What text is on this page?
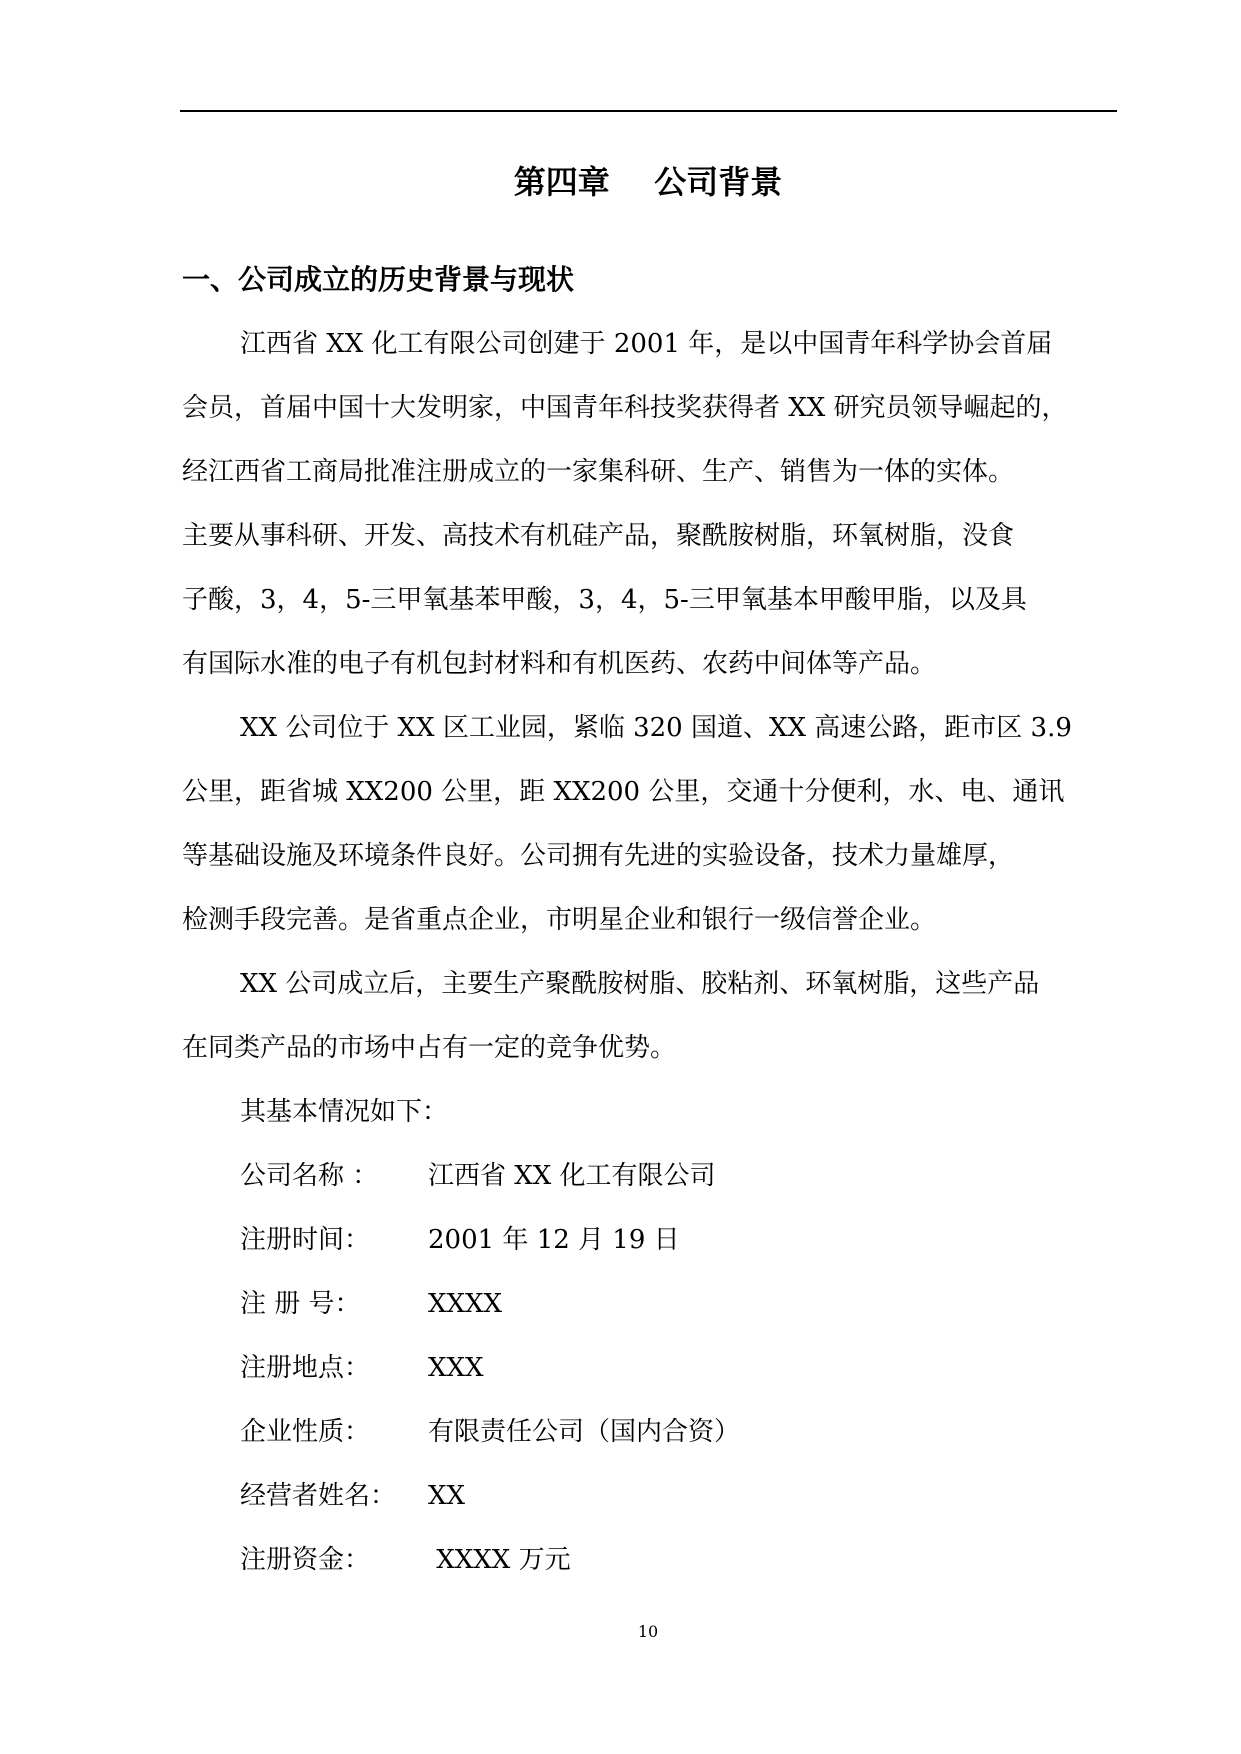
第四章    公司背景
一、公司成立的历史背景与现状
江西省 XX 化工有限公司创建于 2001 年，是以中国青年科学协会首届
会员，首届中国十大发明家，中国青年科技奖获得者 XX 研究员领导崛起的，
经江西省工商局批准注册成立的一家集科研、生产、销售为一体的实体。
主要从事科研、开发、高技术有机硅产品，聚酰胺树脂，环氧树脂，没食
子酸，3，4，5-三甲氧基苯甲酸，3，4，5-三甲氧基本甲酸甲脂，以及具
有国际水准的电子有机包封材料和有机医药、农药中间体等产品。
XX 公司位于 XX 区工业园，紧临 320 国道、XX 高速公路，距市区 3.9
公里，距省城 XX200 公里，距 XX200 公里，交通十分便利，水、电、通讯
等基础设施及环境条件良好。公司拥有先进的实验设备，技术力量雄厚，
检测手段完善。是省重点企业，市明星企业和银行一级信誉企业。
XX 公司成立后，主要生产聚酰胺树脂、胶粘剂、环氧树脂，这些产品
在同类产品的市场中占有一定的竞争优势。
其基本情况如下：
公司名称 ： 江西省 XX 化工有限公司
注册时间： 2001 年 12 月 19 日
注 册 号：	XXXX
注册地点： XXX
企业性质： 有限责任公司（国内合资）
经营者姓名： XX
注册资金： XXXX 万元
10
